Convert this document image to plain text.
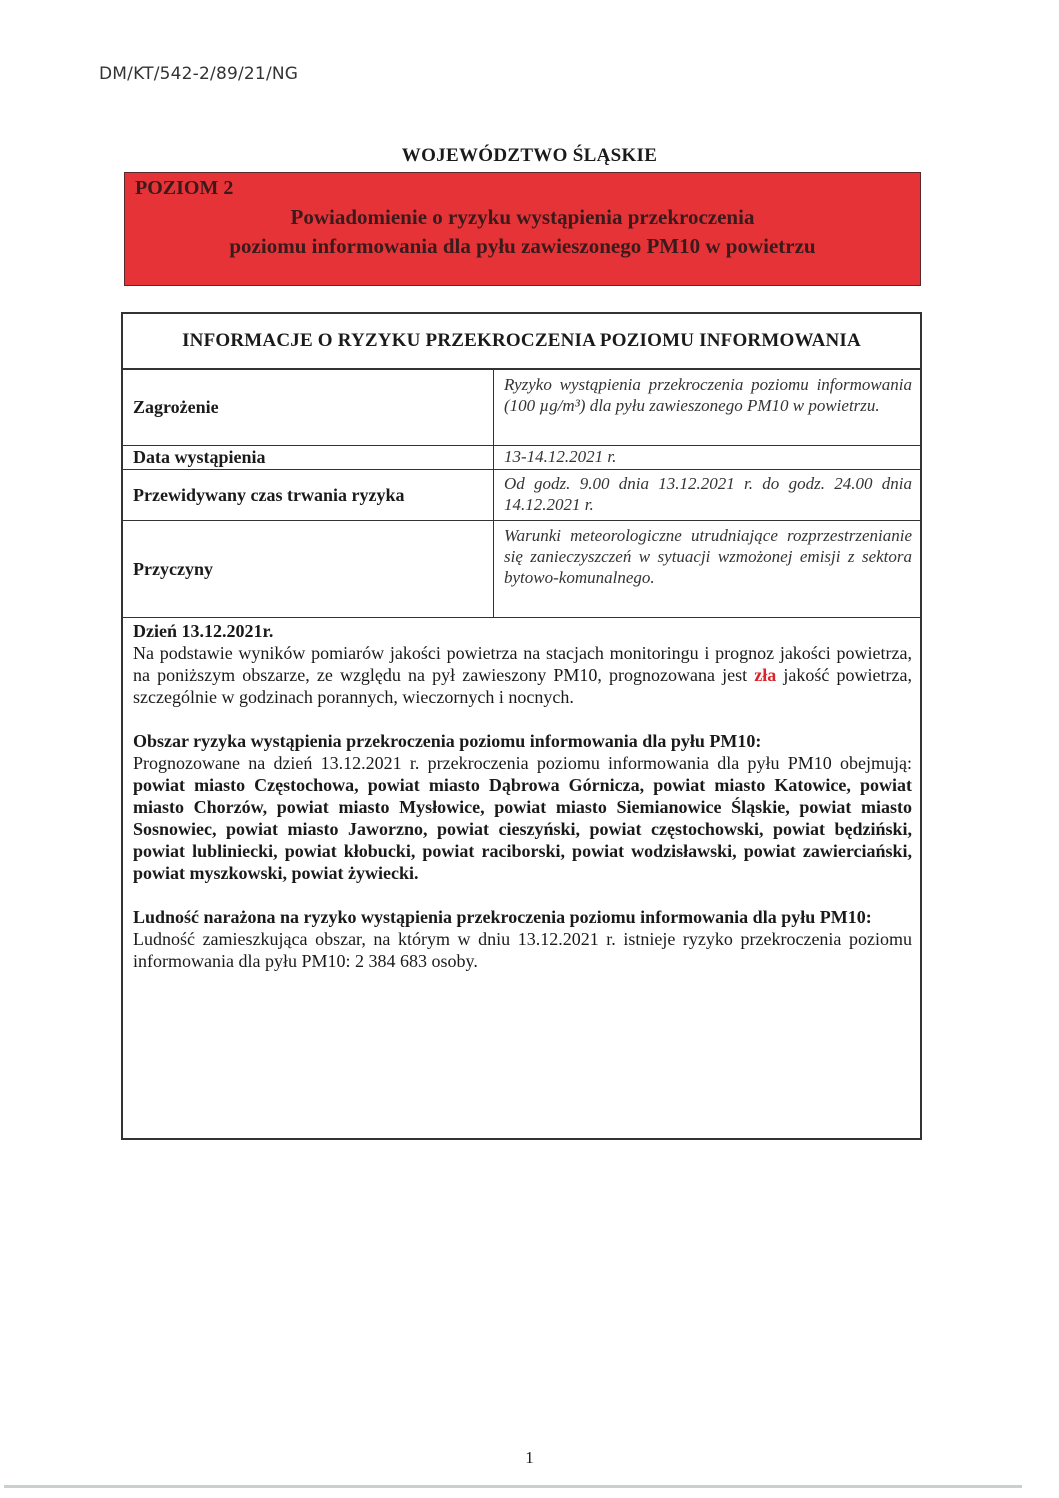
DM/KT/542-2/89/21/NG
WOJEWÓDZTWO ŚLĄSKIE
POZIOM 2
Powiadomienie o ryzyku wystąpienia przekroczenia
poziomu informowania dla pyłu zawieszonego PM10 w powietrzu
INFORMACJE O RYZYKU PRZEKROCZENIA POZIOMU INFORMOWANIA
Zagrożenie
Ryzyko wystąpienia przekroczenia poziomu informowania (100 µg/m³) dla pyłu zawieszonego PM10 w powietrzu.
Data wystąpienia	13-14.12.2021 r.
Przewidywany czas trwania ryzyka
Od godz. 9.00 dnia 13.12.2021 r. do godz. 24.00 dnia 14.12.2021 r.
Przyczyny
Warunki meteorologiczne utrudniające rozprzestrzenianie się zanieczyszczeń w sytuacji wzmożonej emisji z sektora bytowo-komunalnego.

Dzień 13.12.2021r.

Na podstawie wyników pomiarów jakości powietrza na stacjach monitoringu i prognoz jakości powietrza, na poniższym obszarze, ze względu na pył zawieszony PM10, prognozowana jest zła jakość powietrza, szczególnie w godzinach porannych, wieczornych i nocnych.

Obszar ryzyka wystąpienia przekroczenia poziomu informowania dla pyłu PM10:

Prognozowane na dzień 13.12.2021 r. przekroczenia poziomu informowania dla pyłu PM10 obejmują: powiat miasto Częstochowa, powiat miasto Dąbrowa Górnicza, powiat miasto Katowice, powiat miasto Chorzów, powiat miasto Mysłowice, powiat miasto Siemianowice Śląskie, powiat miasto Sosnowiec, powiat miasto Jaworzno, powiat cieszyński, powiat częstochowski, powiat będziński, powiat lubliniecki, powiat kłobucki, powiat raciborski, powiat wodzisławski, powiat zawierciański, powiat myszkowski, powiat żywiecki.

Ludność narażona na ryzyko wystąpienia przekroczenia poziomu informowania dla pyłu PM10:

Ludność zamieszkująca obszar, na którym w dniu 13.12.2021 r. istnieje ryzyko przekroczenia poziomu informowania dla pyłu PM10: 2 384 683 osoby.

1
